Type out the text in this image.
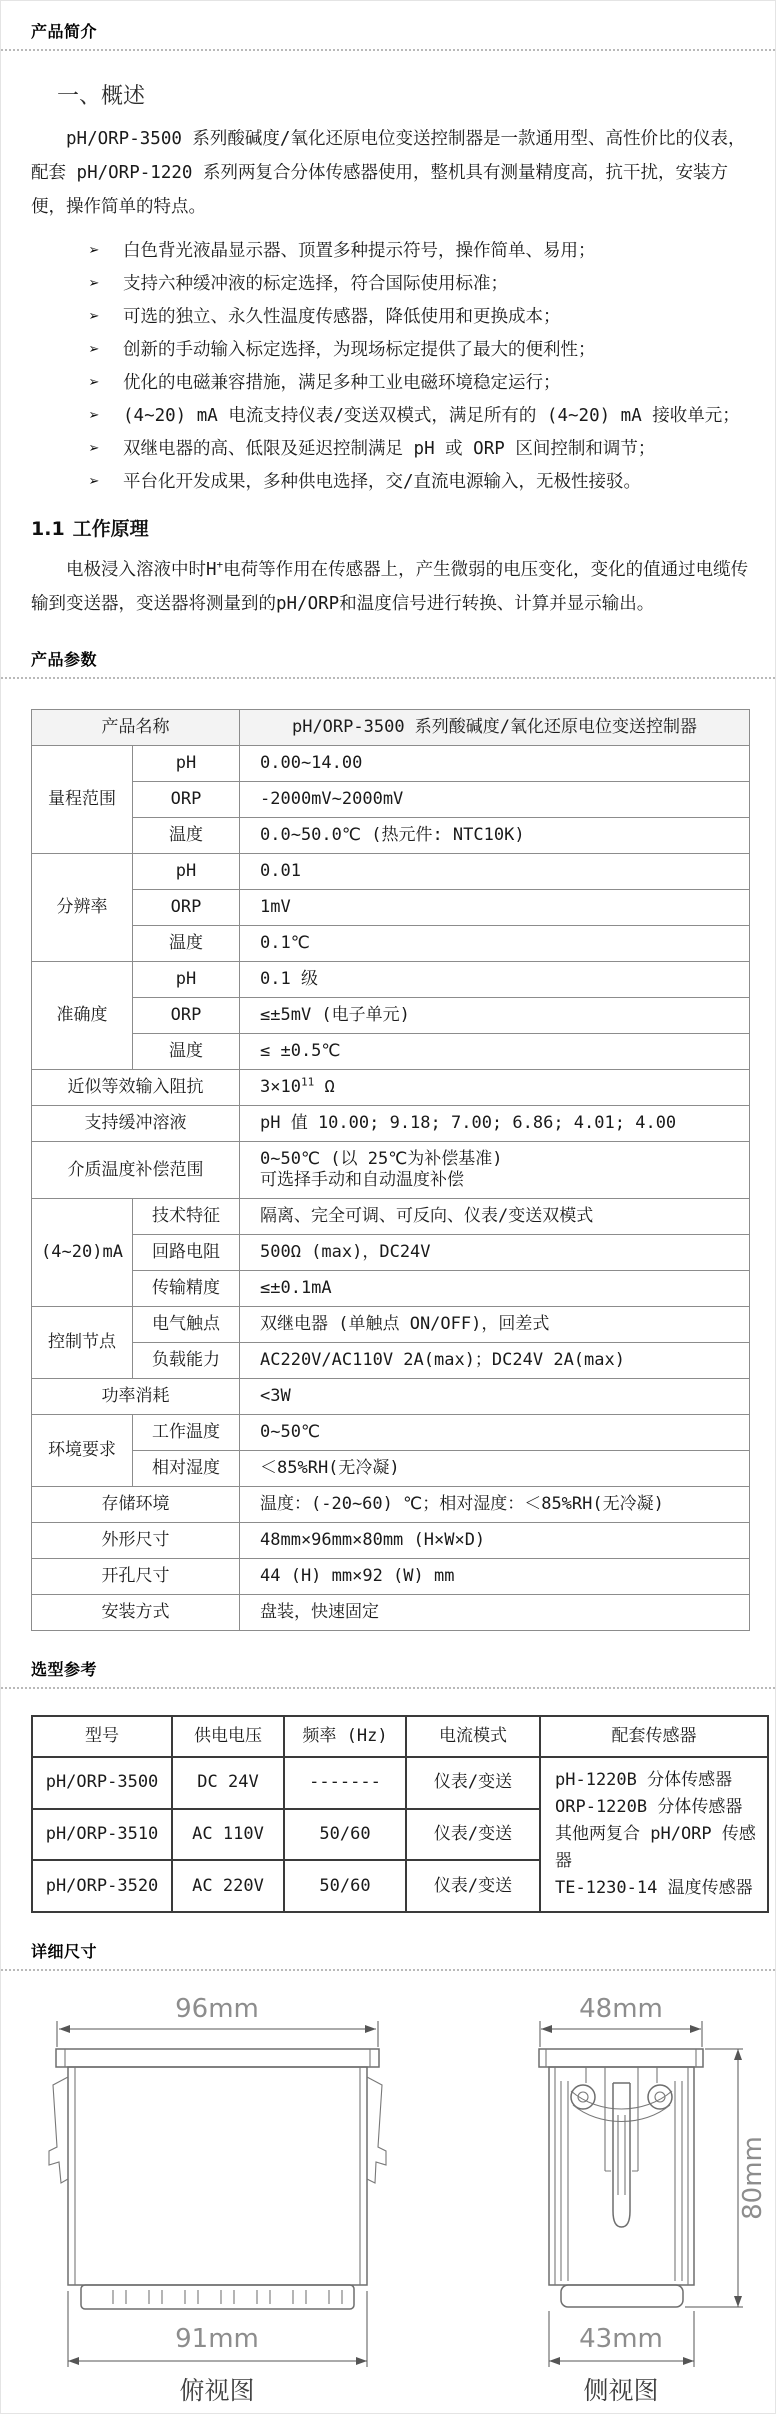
产品简介
一、概述

pH/ORP-3500 系列酸碱度/氧化还原电位变送控制器是一款通用型、高性价比的仪表，配套 pH/ORP-1220 系列两复合分体传感器使用，整机具有测量精度高，抗干扰，安装方便，操作简单的特点。

➢ 白色背光液晶显示器、顶置多种提示符号，操作简单、易用；
➢ 支持六种缓冲液的标定选择，符合国际使用标准；
➢ 可选的独立、永久性温度传感器，降低使用和更换成本；
➢ 创新的手动输入标定选择，为现场标定提供了最大的便利性；
➢ 优化的电磁兼容措施，满足多种工业电磁环境稳定运行；
➢ (4~20) mA 电流支持仪表/变送双模式，满足所有的 (4~20) mA 接收单元；
➢ 双继电器的高、低限及延迟控制满足 pH 或 ORP 区间控制和调节；
➢ 平台化开发成果，多种供电选择，交/直流电源输入，无极性接驳。
1.1 工作原理

电极浸入溶液中时H+电荷等作用在传感器上，产生微弱的电压变化，变化的值通过电缆传输到变送器，变送器将测量到的pH/ORP和温度信号进行转换、计算并显示输出。

产品参数
产品名称		pH/ORP-3500 系列酸碱度/氧化还原电位变送控制器
量程范围	pH	0.00~14.00
	ORP	-2000mV~2000mV
	温度	0.0~50.0℃ (热元件: NTC10K)
分辨率	pH	0.01
	ORP	1mV
	温度	0.1℃
准确度	pH	0.1 级
	ORP	≤±5mV (电子单元)
	温度	≤ ±0.5℃
近似等效输入阻抗		$3\times 10^{11}$ Ω
支持缓冲溶液		pH 值 10.00; 9.18; 7.00; 6.86; 4.01; 4.00
介质温度补偿范围		0~50℃ (以 25℃为补偿基准)
可选择手动和自动温度补偿

(4~20)mA	技术特征	隔离、完全可调、可反向、仪表/变送双模式
	回路电阻	500Ω (max)，DC24V
	传输精度	≤±0.1mA
控制节点	电气触点	双继电器 (单触点 ON/OFF)，回差式
	负载能力	AC220V/AC110V 2A(max)；DC24V 2A(max)
功率消耗		<3W
环境要求	工作温度	0~50℃
	相对湿度	＜85%RH(无冷凝)
存储环境		温度：(-20~60) ℃；相对湿度：＜85%RH(无冷凝)
外形尺寸		48mm×96mm×80mm (H×W×D)
开孔尺寸		44 (H) mm×92 (W) mm
安装方式		盘装，快速固定
选型参考
型号	供电电压	频率 (Hz)	电流模式	配套传感器
pH/ORP-3500	DC 24V	-------	仪表/变送	pH-1220B 分体传感器
ORP-1220B 分体传感器
其他两复合 pH/ORP 传感器
TE-1230-14 温度传感器

pH/ORP-3510	AC 110V	50/60	仪表/变送	
pH/ORP-3520	AC 220V	50/60	仪表/变送	
详细尺寸
96mm
91mm
俯视图
48mm
80mm
43mm
侧视图
